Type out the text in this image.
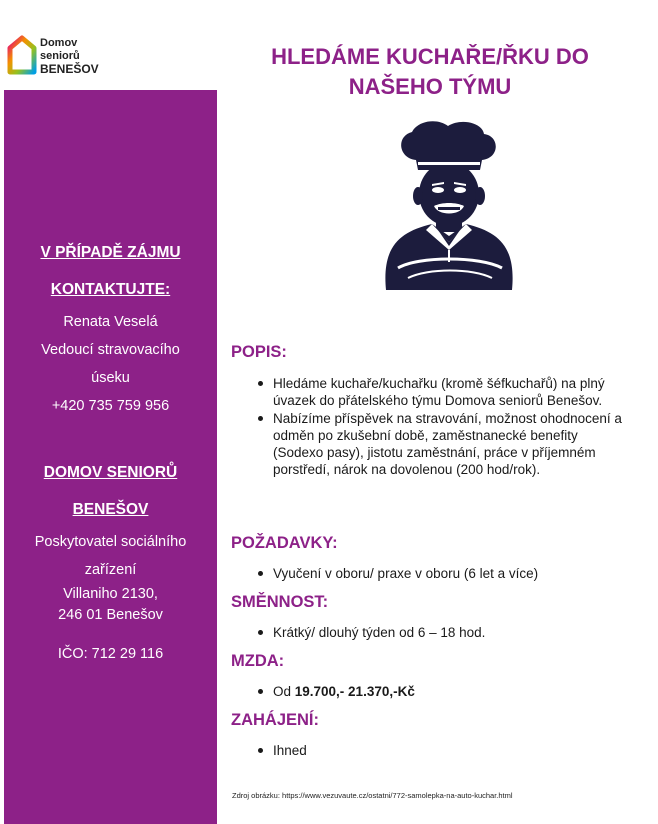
Domov
seniorů
BENEŠOV
V PŘÍPADĚ ZÁJMU
KONTAKTUJTE:
Renata Veselá
Vedoucí stravovacího
úseku
+420 735 759 956
DOMOV SENIORŮ
BENEŠOV
Poskytovatel sociálního
zařízení
Villaniho 2130,
246 01 Benešov
IČO: 712 29 116
HLEDÁME KUCHAŘE/ŘKU DO
NAŠEHO TÝMU
POPIS:
Hledáme kuchaře/kuchařku (kromě šéfkuchařů) na plný úvazek do přátelského týmu Domova seniorů Benešov.
Nabízíme příspěvek na stravování, možnost ohodnocení a odměn po zkušební době, zaměstnanecké benefity (Sodexo pasy), jistotu zaměstnání, práce v příjemném porstředí, nárok na dovolenou (200 hod/rok).
POŽADAVKY:
Vyučení v oboru/ praxe v oboru (6 let a více)
SMĚNNOST:
Krátký/ dlouhý týden od 6 – 18 hod.
MZDA:
Od 19.700,- 21.370,-Kč
ZAHÁJENÍ:
Ihned
Zdroj obrázku: https://www.vezuvaute.cz/ostatni/772-samolepka-na-auto-kuchar.html
